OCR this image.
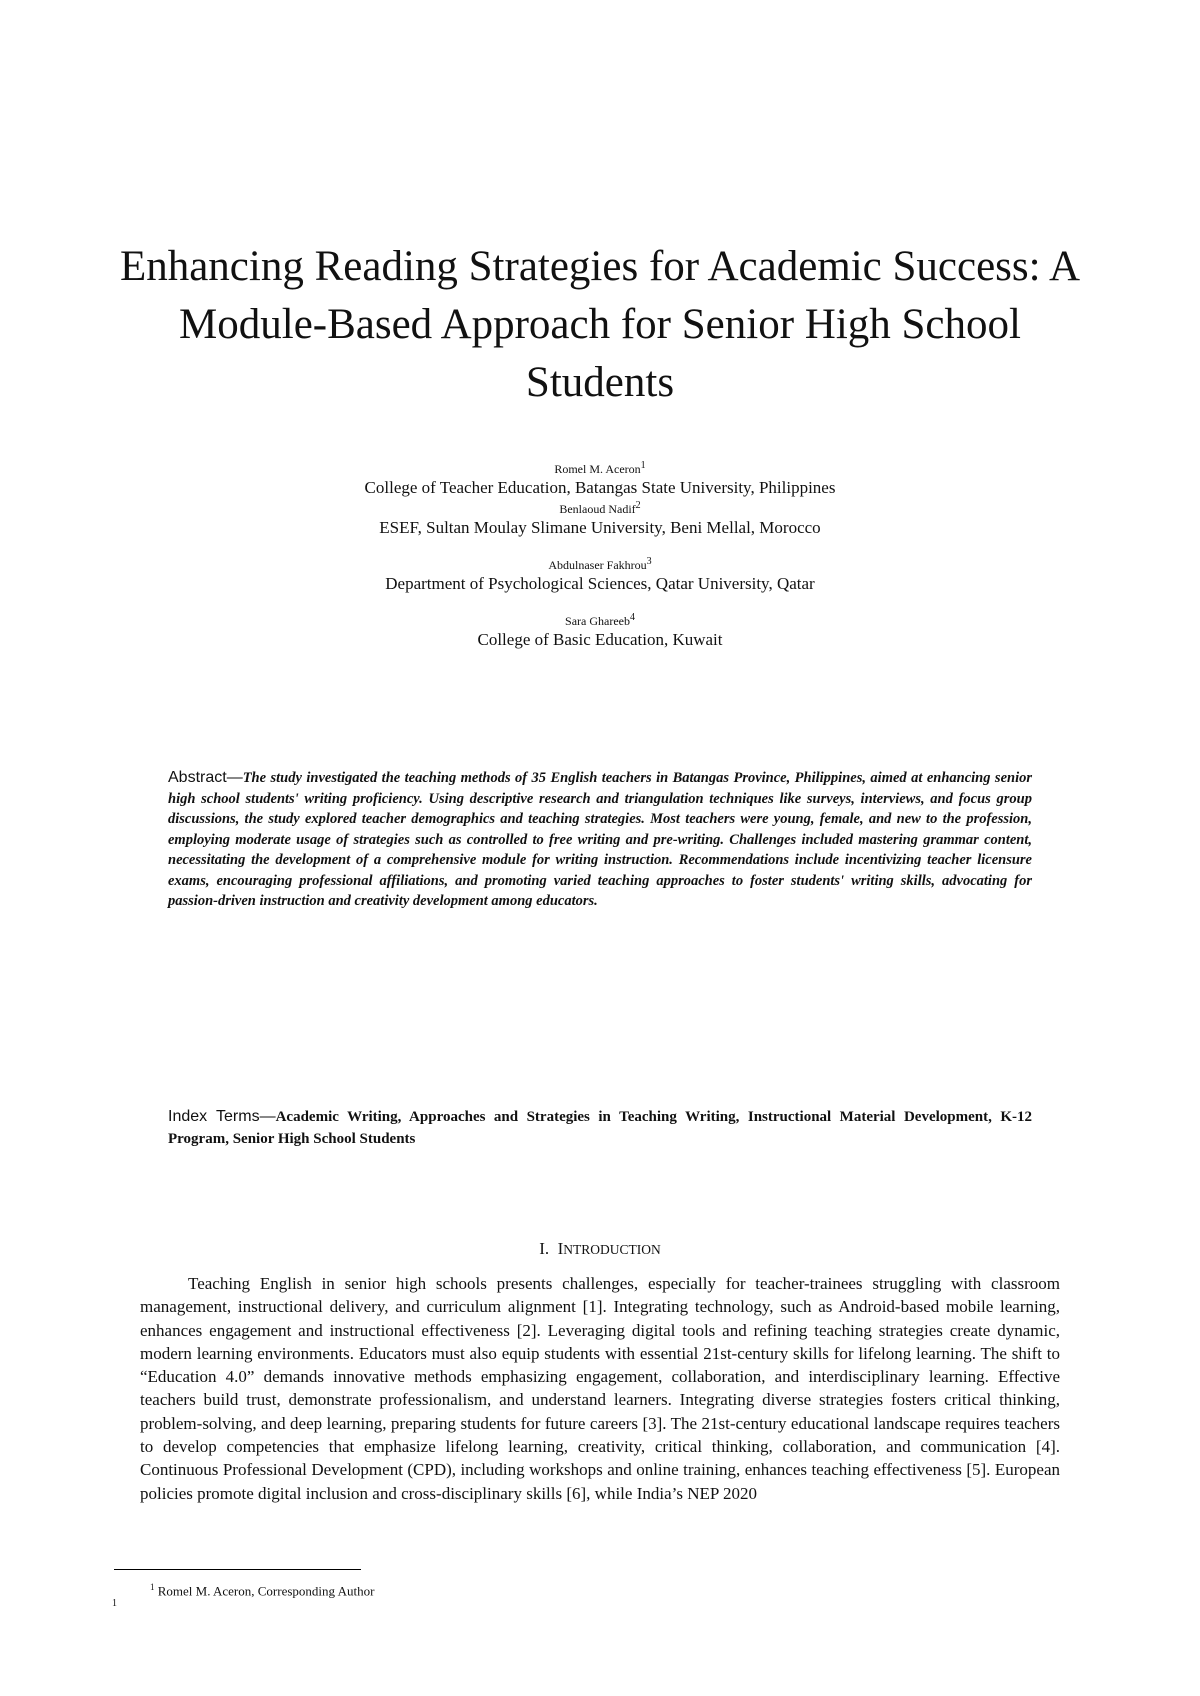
Enhancing Reading Strategies for Academic Success: A Module-Based Approach for Senior High School Students
Romel M. Aceron$^1$
College of Teacher Education, Batangas State University, Philippines
Benlaoud Nadif$^2$
ESEF, Sultan Moulay Slimane University, Beni Mellal, Morocco
Abdulnaser Fakhrou$^3$
Department of Psychological Sciences, Qatar University, Qatar
Sara Ghareeb$^4$
College of Basic Education, Kuwait

Abstract—The study investigated the teaching methods of 35 English teachers in Batangas Province, Philippines, aimed at enhancing senior high school students' writing proficiency. Using descriptive research and triangulation techniques like surveys, interviews, and focus group discussions, the study explored teacher demographics and teaching strategies. Most teachers were young, female, and new to the profession, employing moderate usage of strategies such as controlled to free writing and pre-writing. Challenges included mastering grammar content, necessitating the development of a comprehensive module for writing instruction. Recommendations include incentivizing teacher licensure exams, encouraging professional affiliations, and promoting varied teaching approaches to foster students' writing skills, advocating for passion-driven instruction and creativity development among educators.

Index Terms—Academic Writing, Approaches and Strategies in Teaching Writing, Instructional Material Development, K-12 Program, Senior High School Students

I. INTRODUCTION

Teaching English in senior high schools presents challenges, especially for teacher-trainees struggling with classroom management, instructional delivery, and curriculum alignment [1]. Integrating technology, such as Android-based mobile learning, enhances engagement and instructional effectiveness [2]. Leveraging digital tools and refining teaching strategies create dynamic, modern learning environments. Educators must also equip students with essential 21st-century skills for lifelong learning. The shift to “Education 4.0” demands innovative methods emphasizing engagement, collaboration, and interdisciplinary learning. Effective teachers build trust, demonstrate professionalism, and understand learners. Integrating diverse strategies fosters critical thinking, problem-solving, and deep learning, preparing students for future careers [3]. The 21st-century educational landscape requires teachers to develop competencies that emphasize lifelong learning, creativity, critical thinking, collaboration, and communication [4]. Continuous Professional Development (CPD), including workshops and online training, enhances teaching effectiveness [5]. European policies promote digital inclusion and cross-disciplinary skills [6], while India’s NEP 2020

$^1$ Romel M. Aceron, Corresponding Author
1
